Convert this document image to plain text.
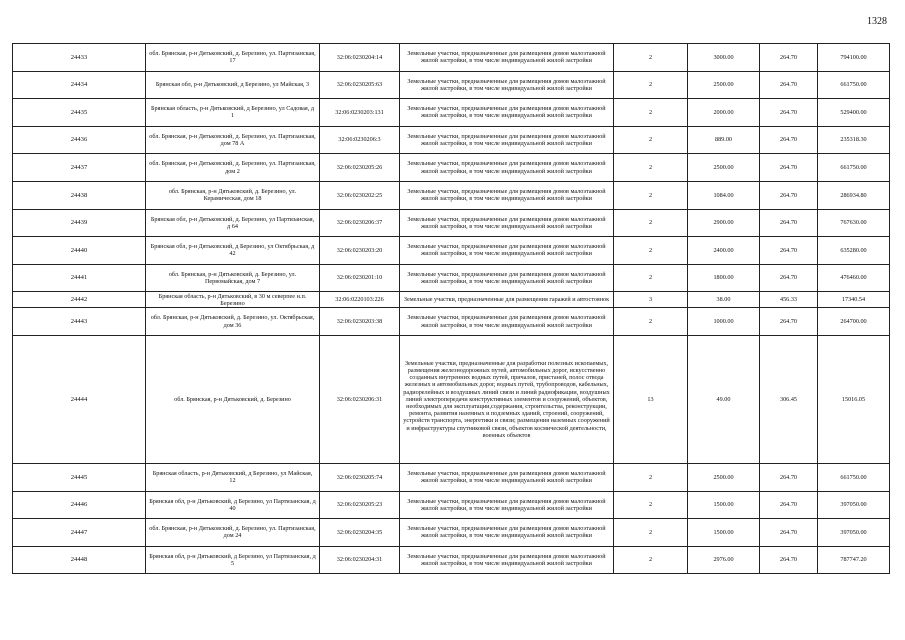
1328
24433	обл. Брянская, р-н Дятьковский, д. Березино, ул. Партизанская, 17	32:06:0230204:14	Земельные участки, предназначенные для размещения домов малоэтажной жилой застройки, в том числе индивидуальной жилой застройки	2	3000.00	264.70	794100.00
24434	Брянская обл, р-н Дятьковский, д Березино, ул Майская, 3	32:06:0230205:63	Земельные участки, предназначенные для размещения домов малоэтажной жилой застройки, в том числе индивидуальной жилой застройки	2	2500.00	264.70	661750.00
24435	Брянская область, р-н Дятьковский, д Березино, ул Садовая, д 1	32:06:0230203:131	Земельные участки, предназначенные для размещения домов малоэтажной жилой застройки, в том числе индивидуальной жилой застройки	2	2000.00	264.70	529400.00
24436	обл. Брянская, р-н Дятьковский, д. Березино, ул. Партизанская, дом 78 А	32:06:0230206:3	Земельные участки, предназначенные для размещения домов малоэтажной жилой застройки, в том числе индивидуальной жилой застройки	2	889.00	264.70	235318.30
24437	обл. Брянская, р-н Дятьковский, д. Березино, ул. Партизанская, дом 2	32:06:0230205:26	Земельные участки, предназначенные для размещения домов малоэтажной жилой застройки, в том числе индивидуальной жилой застройки	2	2500.00	264.70	661750.00
24438	обл. Брянская, р-н Дятьковский, д. Березино, ул. Керамическая, дом 18	32:06:0230202:25	Земельные участки, предназначенные для размещения домов малоэтажной жилой застройки, в том числе индивидуальной жилой застройки	2	1084.00	264.70	286934.80
24439	Брянская обл, р-н Дятьковский, д. Березино, ул Партизанская, д 64	32:06:0230206:37	Земельные участки, предназначенные для размещения домов малоэтажной жилой застройки, в том числе индивидуальной жилой застройки	2	2900.00	264.70	767630.00
24440	Брянская обл, р-н Дятьковский, д Березино, ул Октябрьская, д 42	32:06:0230203:20	Земельные участки, предназначенные для размещения домов малоэтажной жилой застройки, в том числе индивидуальной жилой застройки	2	2400.00	264.70	635280.00
24441	обл. Брянская, р-н Дятьковский, д. Березино, ул. Первомайская, дом 7	32:06:0230201:10	Земельные участки, предназначенные для размещения домов малоэтажной жилой застройки, в том числе индивидуальной жилой застройки	2	1800.00	264.70	476460.00
24442	Брянская область, р-н Дятьковский, в 30 м северпее н.п. Березино	32:06:0220103:226	Земельные участки, предназначенные для размещения гаражей и автостоянок	3	38.00	456.33	17340.54
24443	обл. Брянская, р-н Дятьковский, д. Березино, ул. Октябрьская, дом 36	32:06:0230203:38	Земельные участки, предназначенные для размещения домов малоэтажной жилой застройки, в том числе индивидуальной жилой застройки	2	1000.00	264.70	264700.00
24444	обл. Брянская, р-н Дятьковский, д. Березино	32:06:0230206:31	Земельные участки, предназначенные для разработки полезных ископаемых, размещения железнодорожных путей, автомобильных дорог, искусственно созданных внутренних водных путей, причалов, пристаней, полос отвода железных и автомобильных дорог, водных путей, трубопроводов, кабельных, радиорелейных и воздушных линий связи и линий радиофикации, воздушных линий электропередачи конструктивных элементов и сооружений, объектов, необходимых для эксплуатации,содержания, строительства, реконструкции, ремонта, развития наземных и подземных зданий, строений, сооружений, устройств транспорта, энергетики и связи; размещения наземных сооружений и инфраструктуры спутниковой связи, объектов космической деятельности, военных объектов	13	49.00	306.45	15016.05
24445	Брянская область, р-н Дятьковский, д Березино, ул Майская, 12	32:06:0230205:74	Земельные участки, предназначенные для размещения домов малоэтажной жилой застройки, в том числе индивидуальной жилой застройки	2	2500.00	264.70	661750.00
24446	Брянская обл, р-н Дятьковский, д Березино, ул Партизанская, д 40	32:06:0230205:23	Земельные участки, предназначенные для размещения домов малоэтажной жилой застройки, в том числе индивидуальной жилой застройки	2	1500.00	264.70	397050.00
24447	обл. Брянская, р-н Дятьковский, д. Березино, ул. Партизанская, дом 24	32:06:0230204:35	Земельные участки, предназначенные для размещения домов малоэтажной жилой застройки, в том числе индивидуальной жилой застройки	2	1500.00	264.70	397050.00
24448	Брянская обл, р-н Дятьковский, д Березино, ул Партизанская, д 5	32:06:0230204:31	Земельные участки, предназначенные для размещения домов малоэтажной жилой застройки, в том числе индивидуальной жилой застройки	2	2976.00	264.70	787747.20
